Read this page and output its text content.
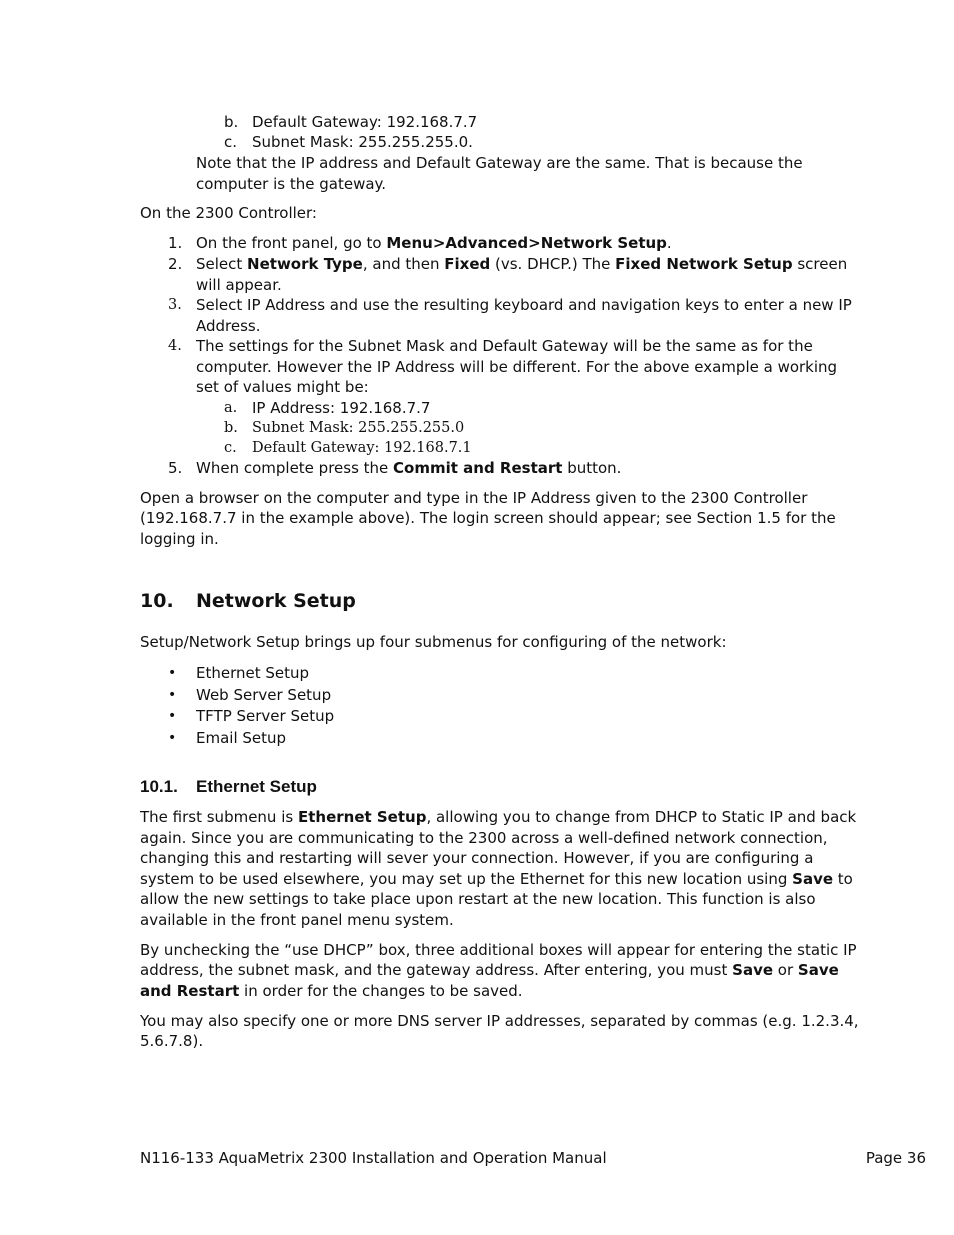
b. Default Gateway: 192.168.7.7
c. Subnet Mask: 255.255.255.0.
Note that the IP address and Default Gateway are the same. That is because the
computer is the gateway.
On the 2300 Controller:
1. On the front panel, go to Menu>Advanced>Network Setup.
2. Select Network Type, and then Fixed (vs. DHCP.) The Fixed Network Setup screen
will appear.
3. Select IP Address and use the resulting keyboard and navigation keys to enter a new IP
Address.
4. The settings for the Subnet Mask and Default Gateway will be the same as for the
computer. However the IP Address will be different. For the above example a working
set of values might be:
a. IP Address: 192.168.7.7
b. Subnet Mask: 255.255.255.0
c. Default Gateway: 192.168.7.1
5. When complete press the Commit and Restart button.
Open a browser on the computer and type in the IP Address given to the 2300 Controller
(192.168.7.7 in the example above). The login screen should appear; see Section 1.5 for the
logging in.
10. Network Setup
Setup/Network Setup brings up four submenus for configuring of the network:
• Ethernet Setup
• Web Server Setup
• TFTP Server Setup
• Email Setup
10.1. Ethernet Setup
The first submenu is Ethernet Setup, allowing you to change from DHCP to Static IP and back
again. Since you are communicating to the 2300 across a well-defined network connection,
changing this and restarting will sever your connection. However, if you are configuring a
system to be used elsewhere, you may set up the Ethernet for this new location using Save to
allow the new settings to take place upon restart at the new location. This function is also
available in the front panel menu system.
By unchecking the “use DHCP” box, three additional boxes will appear for entering the static IP
address, the subnet mask, and the gateway address. After entering, you must Save or Save
and Restart in order for the changes to be saved.
You may also specify one or more DNS server IP addresses, separated by commas (e.g. 1.2.3.4,
5.6.7.8).
N116-133 AquaMetrix 2300 Installation and Operation Manual	Page 36
